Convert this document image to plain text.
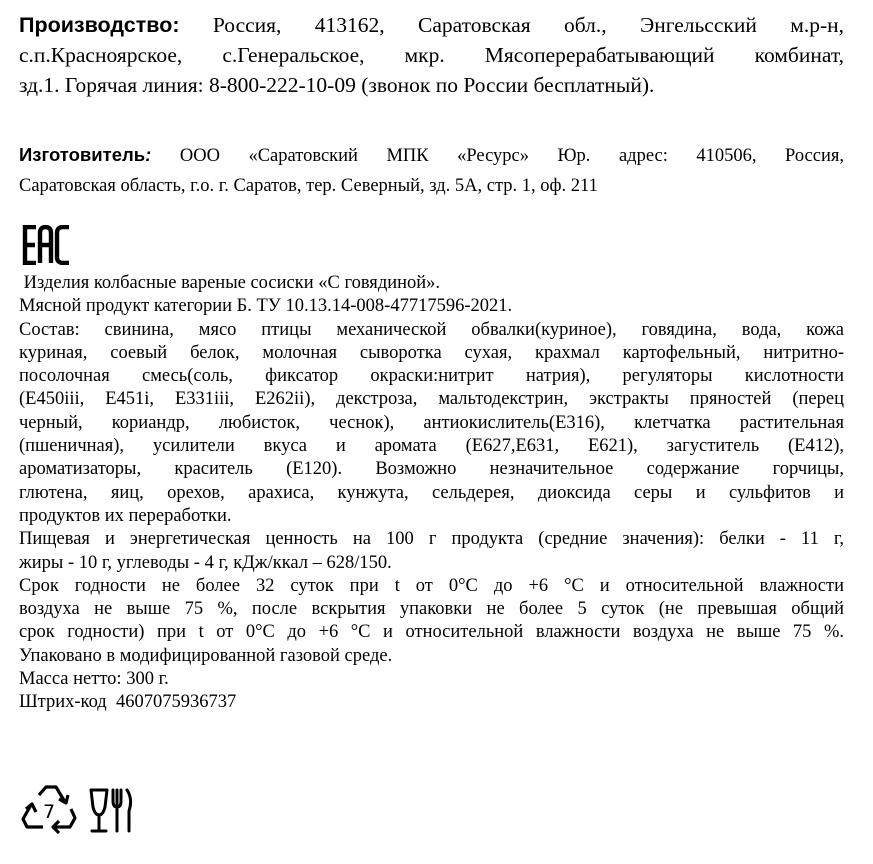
Производство: Россия, 413162, Саратовская обл., Энгельсский м.р-н,
с.п.Красноярское, с.Генеральское, мкр. Мясоперерабатывающий комбинат,
зд.1. Горячая линия: 8-800-222-10-09 (звонок по России бесплатный).
Изготовитель: ООО «Саратовский МПК «Ресурс» Юр. адрес: 410506, Россия,
Саратовская область, г.о. г. Саратов, тер. Северный, зд. 5А, стр. 1, оф. 211

Изделия колбасные вареные сосиски «С говядиной».

Мясной продукт категории Б. ТУ 10.13.14-008-47717596-2021.

Состав: свинина, мясо птицы механической обвалки(куриное), говядина, вода, кожа
куриная, соевый белок, молочная сыворотка сухая, крахмал картофельный, нитритно-
посолочная смесь(соль, фиксатор окраски:нитрит натрия), регуляторы кислотности
(Е450iii, Е451i, Е331iii, Е262ii), декстроза, мальтодекстрин, экстракты пряностей (перец
черный, кориандр, любисток, чеснок), антиокислитель(Е316), клетчатка растительная
(пшеничная), усилители вкуса и аромата (Е627,Е631, Е621), загуститель (Е412),
ароматизаторы, краситель (Е120). Возможно незначительное содержание горчицы,
глютена, яиц, орехов, арахиса, кунжута, сельдерея, диоксида серы и сульфитов и
продуктов их переработки.
Пищевая и энергетическая ценность на 100 г продукта (средние значения): белки - 11 г,
жиры - 10 г, углеводы - 4 г, кДж/ккал – 628/150.
Срок годности не более 32 суток при t от 0°С до +6 °С и относительной влажности
воздуха не выше 75 %, после вскрытия упаковки не более 5 суток (не превышая общий
срок годности) при t от 0°С до +6 °С и относительной влажности воздуха не выше 75 %.

Упаковано в модифицированной газовой среде.

Масса нетто: 300 г.

Штрих-код  4607075936737

7
